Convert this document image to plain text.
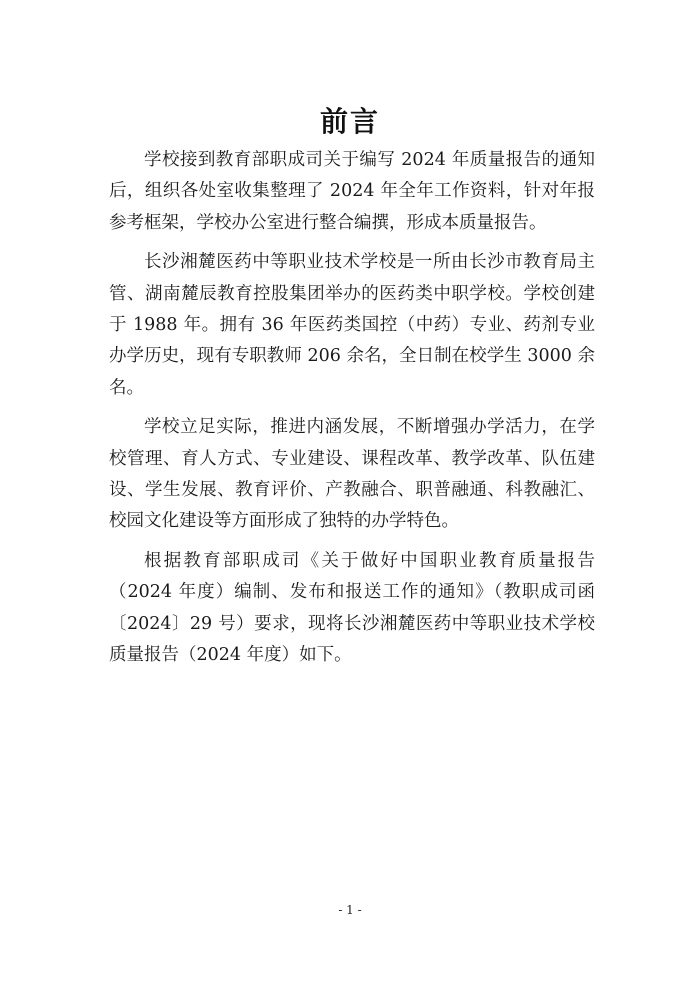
前言

学校接到教育部职成司关于编写 2024 年质量报告的通知后，组织各处室收集整理了 2024 年全年工作资料，针对年报参考框架，学校办公室进行整合编撰，形成本质量报告。

长沙湘麓医药中等职业技术学校是一所由长沙市教育局主管、湖南麓辰教育控股集团举办的医药类中职学校。学校创建于 1988 年。拥有 36 年医药类国控（中药）专业、药剂专业办学历史，现有专职教师 206 余名，全日制在校学生 3000 余名。

学校立足实际，推进内涵发展，不断增强办学活力，在学校管理、育人方式、专业建设、课程改革、教学改革、队伍建设、学生发展、教育评价、产教融合、职普融通、科教融汇、校园文化建设等方面形成了独特的办学特色。

根据教育部职成司《关于做好中国职业教育质量报告（2024 年度）编制、发布和报送工作的通知》（教职成司函〔2024〕29 号）要求，现将长沙湘麓医药中等职业技术学校质量报告（2024 年度）如下。

- 1 -
